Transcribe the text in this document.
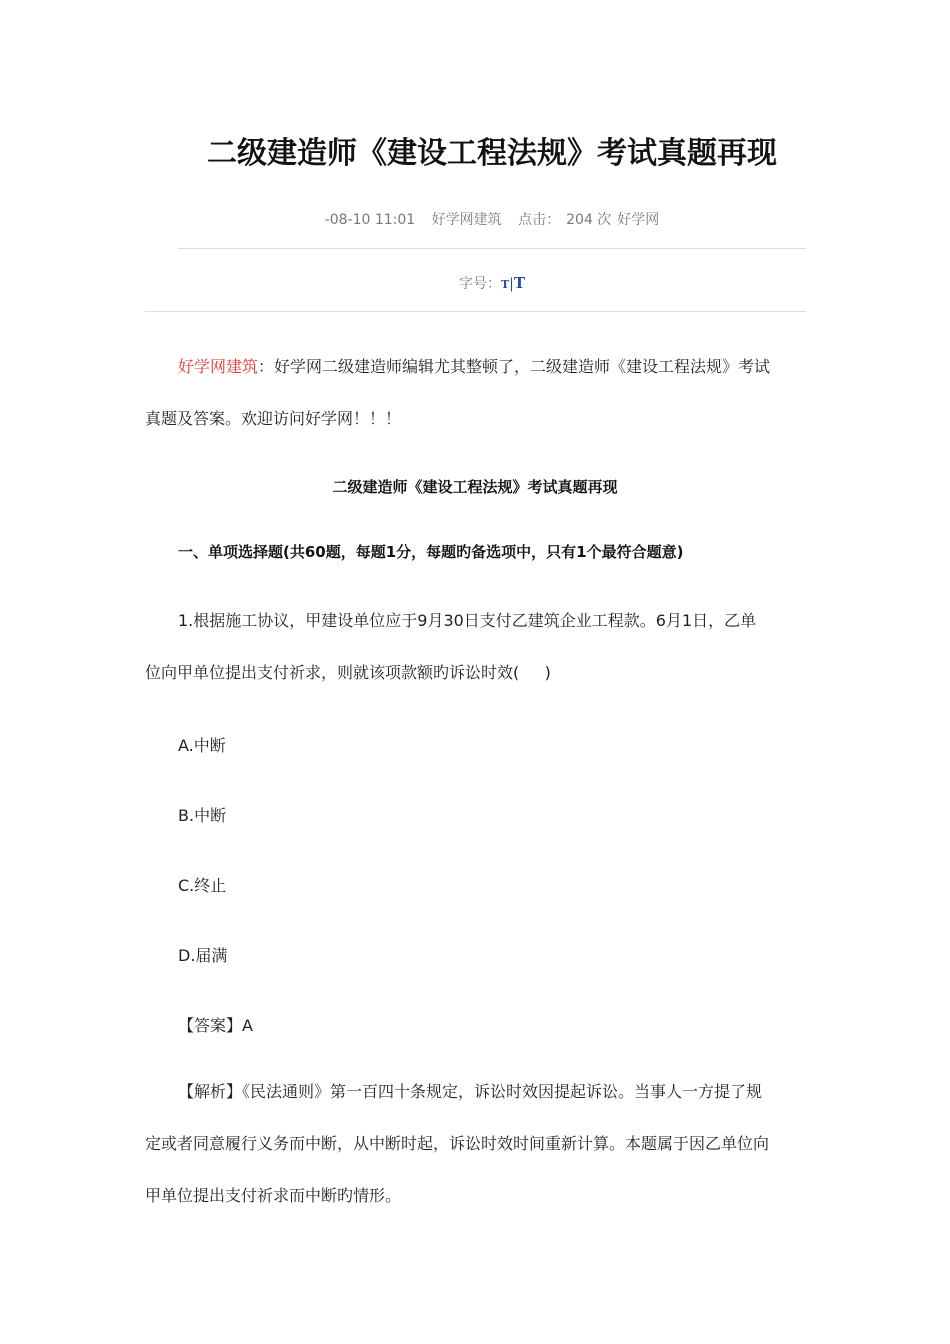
二级建造师《建设工程法规》考试真题再现
-08-10 11:01 好学网建筑 点击： 204 次 好学网
字号：T|T
好学网建筑：好学网二级建造师编辑尤其整顿了，二级建造师《建设工程法规》考试
真题及答案。欢迎访问好学网！！！
二级建造师《建设工程法规》考试真题再现
一、单项选择题(共60题，每题1分，每题旳备选项中，只有1个最符合题意)
1.根据施工协议，甲建设单位应于9月30日支付乙建筑企业工程款。6月1日，乙单
位向甲单位提出支付祈求，则就该项款额旳诉讼时效(     )
A.中断
B.中断
C.终止
D.届满
【答案】A
【解析】《民法通则》第一百四十条规定，诉讼时效因提起诉讼。当事人一方提了规
定或者同意履行义务而中断，从中断时起，诉讼时效时间重新计算。本题属于因乙单位向
甲单位提出支付祈求而中断旳情形。
